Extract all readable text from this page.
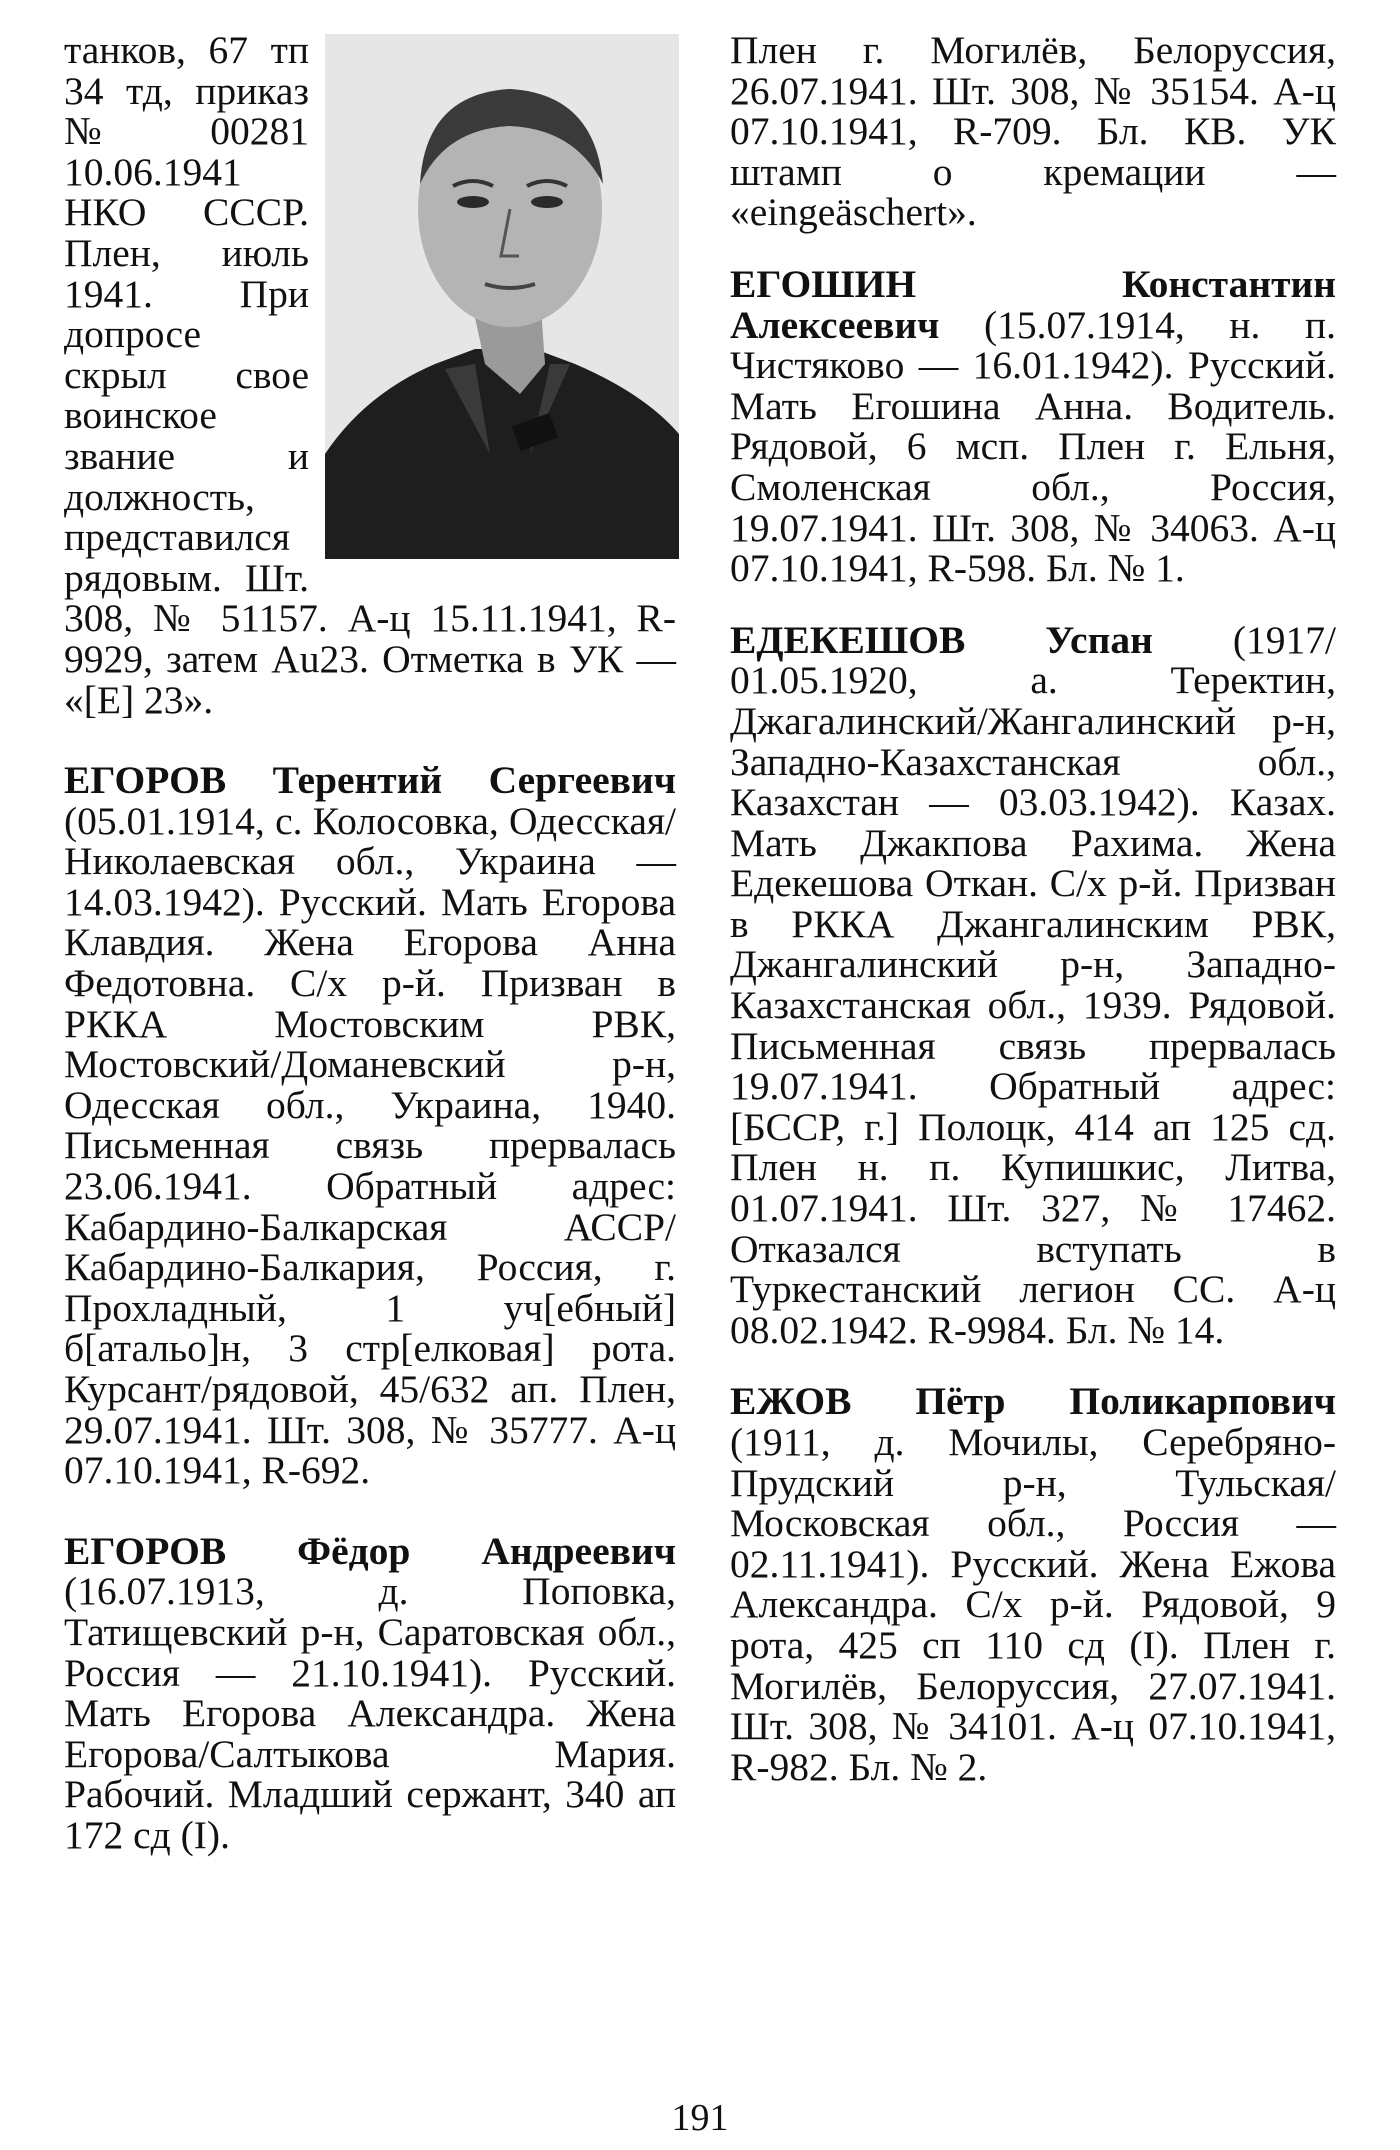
танков, 67 тп 34 тд, приказ № 00281 10.06.1941 НКО СССР. Плен, июль 1941. При допросе скрыл свое воинское звание и должность, представился рядовым. Шт. 308, № 51157. А-ц 15.11.1941, R-9929, затем Au23. Отметка в УК — «[E] 23».

ЕГОРОВ Терентий Сергеевич (05.01.1914, с. Колосовка, Одесская/Николаевская обл., Украина — 14.03.1942). Русский. Мать Егорова Клавдия. Жена Егорова Анна Федотовна. С/х р-й. Призван в РККА Мостовским РВК, Мостовский/Доманевский р-н, Одесская обл., Украина, 1940. Письменная связь прервалась 23.06.1941. Обратный адрес: Кабардино-Балкарская АССР/Кабардино-Балкария, Россия, г. Прохладный, 1 уч[ебный] б[атальо]н, 3 стр[елковая] рота. Курсант/рядовой, 45/632 ап. Плен, 29.07.1941. Шт. 308, № 35777. А-ц 07.10.1941, R-692.

ЕГОРОВ Фёдор Андреевич (16.07.1913, д. Поповка, Татищевский р-н, Саратовская обл., Россия — 21.10.1941). Русский. Мать Егорова Александра. Жена Егорова/Салтыкова Мария. Рабочий. Младший сержант, 340 ап 172 сд (I).

Плен г. Могилёв, Белоруссия, 26.07.1941. Шт. 308, № 35154. А-ц 07.10.1941, R-709. Бл. КВ. УК штамп о кремации — «eingeäschert».

ЕГОШИН Константин Алексеевич (15.07.1914, н. п. Чистяково — 16.01.1942). Русский. Мать Егошина Анна. Водитель. Рядовой, 6 мсп. Плен г. Ельня, Смоленская обл., Россия, 19.07.1941. Шт. 308, № 34063. А-ц 07.10.1941, R-598. Бл. № 1.

ЕДЕКЕШОВ Успан (1917/ 01.05.1920, а. Теректин, Джагалинский/Жангалинский р-н, Западно-Казахстанская обл., Казахстан — 03.03.1942). Казах. Мать Джакпова Рахима. Жена Едекешова Откан. С/х р-й. Призван в РККА Джангалинским РВК, Джангалинский р-н, Западно-Казахстанская обл., 1939. Рядовой. Письменная связь прервалась 19.07.1941. Обратный адрес: [БССР, г.] Полоцк, 414 ап 125 сд. Плен н. п. Купишкис, Литва, 01.07.1941. Шт. 327, № 17462. Отказался вступать в Туркестанский легион СС. А-ц 08.02.1942. R-9984. Бл. № 14.

ЕЖОВ Пётр Поликарпович (1911, д. Мочилы, Серебряно-Прудский р-н, Тульская/Московская обл., Россия — 02.11.1941). Русский. Жена Ежова Александра. С/х р-й. Рядовой, 9 рота, 425 сп 110 сд (I). Плен г. Могилёв, Белоруссия, 27.07.1941. Шт. 308, № 34101. А-ц 07.10.1941, R-982. Бл. № 2.

191
